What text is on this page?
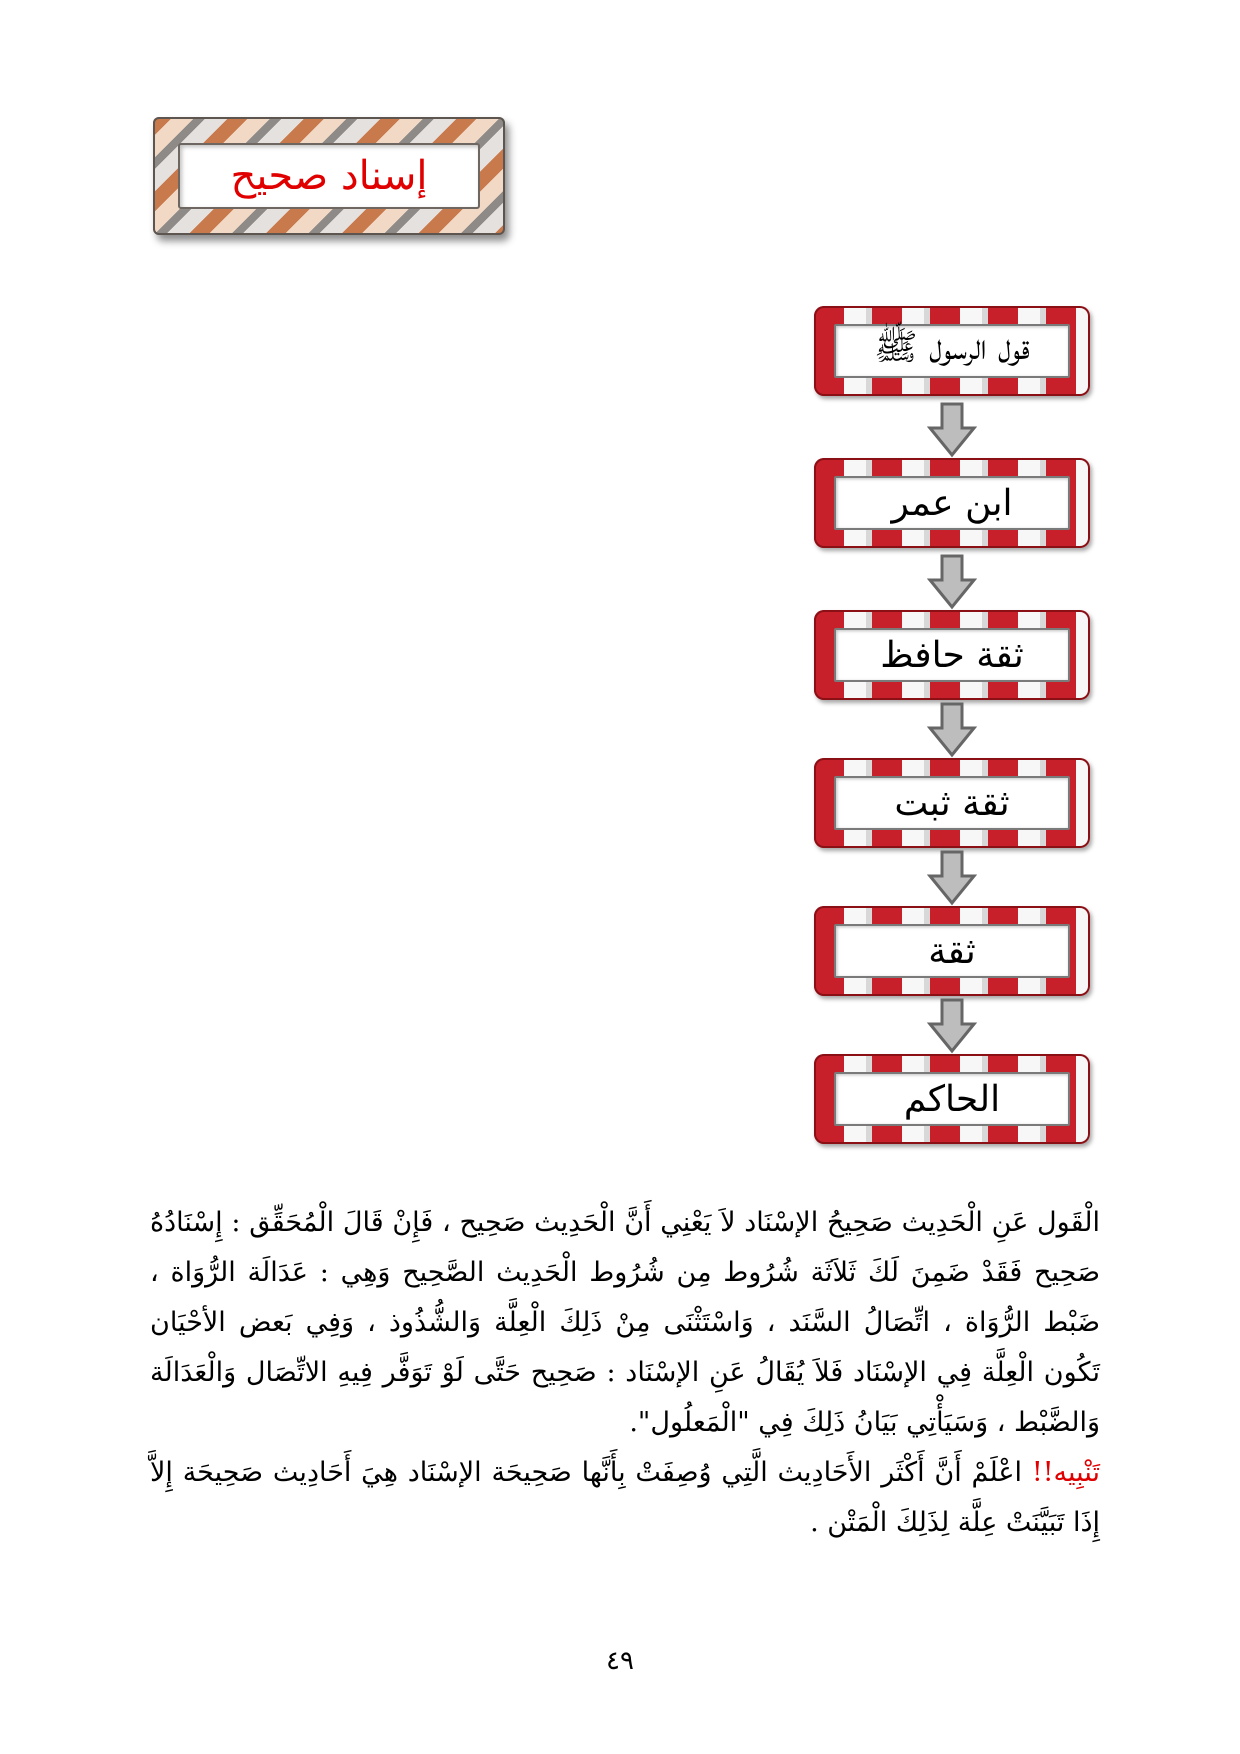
إسناد صحيح
قول الرسول ﷺ
ابن عمر
ثقة حافظ
ثقة ثبت
ثقة
الحاكم

الْقَول عَنِ الْحَدِيث صَحِيحُ الإسْنَاد لاَ يَعْنِي أَنَّ الْحَدِيث صَحِيح ، فَإِنْ قَالَ الْمُحَقِّق : إِسْنَادُهُ صَحِيح فَقَدْ ضَمِنَ لَكَ ثَلاَثَة شُرُوط مِن شُرُوط الْحَدِيث الصَّحِيح وَهِي : عَدَالَة الرُّوَاة ، ضَبْط الرُّوَاة ، اتِّصَالُ السَّنَد ، وَاسْتَثْنَى مِنْ ذَلِكَ الْعِلَّة وَالشُّذُوذ ، وَفِي بَعض الأحْيَان تَكُون الْعِلَّة فِي الإسْنَاد فَلاَ يُقَالُ عَنِ الإسْنَاد : صَحِيح حَتَّى لَوْ تَوَفَّر فِيهِ الاتِّصَال وَالْعَدَالَة وَالضَّبْط ، وَسَيَأْتِي بَيَانُ ذَلِكَ فِي "الْمَعلُول".

تَنْبِيه!! اعْلَمْ أَنَّ أَكْثَر الأَحَادِيث الَّتِي وُصِفَتْ بِأَنَّها صَحِيحَة الإسْنَاد هِيَ أَحَادِيث صَحِيحَة إِلاَّ إِذَا تَبَيَّنَتْ عِلَّة لِذَلِكَ الْمَتْن .

٤٩
